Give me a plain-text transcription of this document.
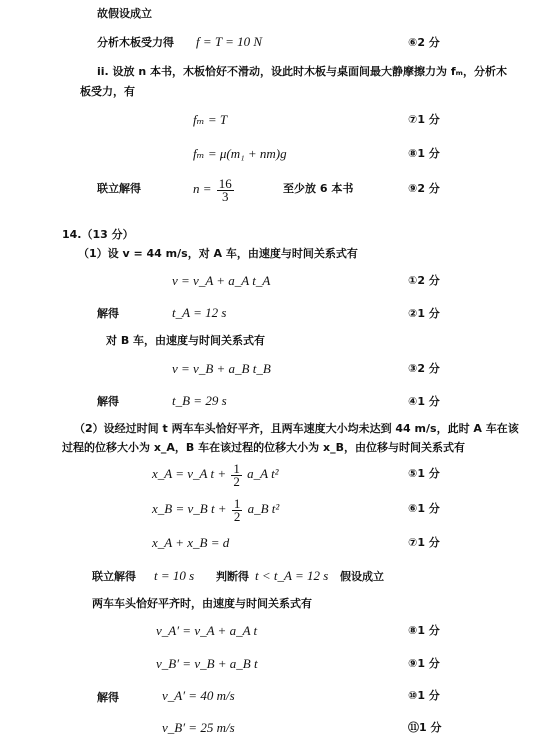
故假设成立
分析木板受力得 f = T = 10 N	⑥2 分
ii. 设放 n 本书，木板恰好不滑动，设此时木板与桌面间最大静摩擦力为 fₘ，分析木
板受力，有
fₘ = T	⑦1 分
fₘ = μ(m₁ + nm)g	⑧1 分
联立解得	$n = \frac{16}{3}$	至少放 6 本书	⑨2 分
14.（13 分）
（1）设 v = 44 m/s，对 A 车，由速度与时间关系式有
v = v_A + a_A t_A	①2 分
解得	t_A = 12 s	②1 分
对 B 车，由速度与时间关系式有
v = v_B + a_B t_B	③2 分
解得	t_B = 29 s	④1 分
（2）设经过时间 t 两车车头恰好平齐，且两车速度大小均未达到 44 m/s，此时 A 车在该
过程的位移大小为 x_A，B 车在该过程的位移大小为 x_B，由位移与时间关系式有
x_A = v_A $t + \frac{1}{2}$ a_A t²	⑤1 分
x_B = v_B $t + \frac{1}{2}$ a_B t²	⑥1 分
x_A + x_B = d	⑦1 分
联立解得 t = 10 s 判断得 t < t_A = 12 s 假设成立
两车车头恰好平齐时，由速度与时间关系式有
v_A′ = v_A + a_A t	⑧1 分
v_B′ = v_B + a_B t	⑨1 分
解得	v_A′ = 40 m/s	⑩1 分
v_B′ = 25 m/s	⑪1 分
